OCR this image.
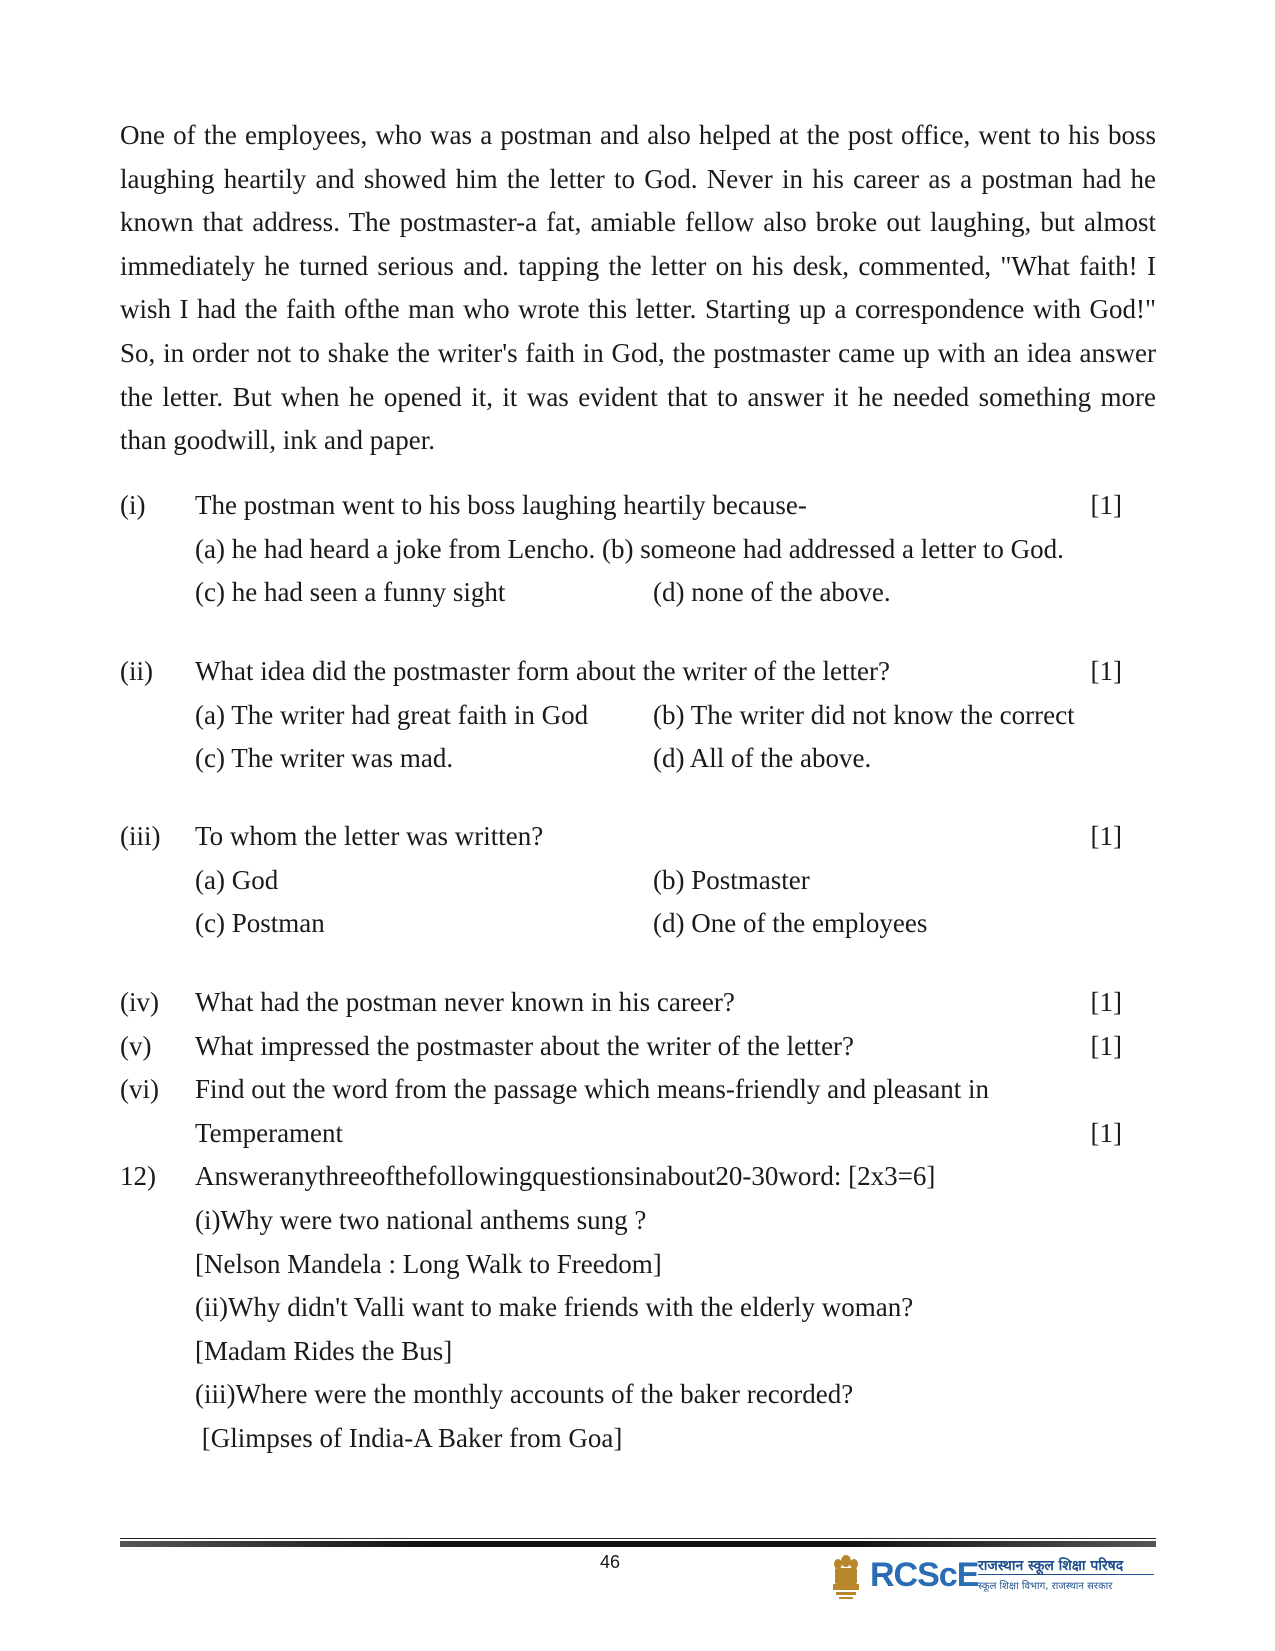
One of the employees, who was a postman and also helped at the post office, went to his boss laughing heartily and showed him the letter to God. Never in his career as a postman had he known that address. The postmaster-a fat, amiable fellow also broke out laughing, but almost immediately he turned serious and. tapping the letter on his desk, commented, "What faith! I wish I had the faith ofthe man who wrote this letter. Starting up a correspondence with God!" So, in order not to shake the writer's faith in God, the postmaster came up with an idea answer the letter. But when he opened it, it was evident that to answer it he needed something more than goodwill, ink and paper.

(i) The postman went to his boss laughing heartily because-	[1]
(a) he had heard a joke from Lencho. (b) someone had addressed a letter to God.
(c) he had seen a funny sight	(d) none of the above.
(ii) What idea did the postmaster form about the writer of the letter?	[1]
(a) The writer had great faith in God (b) The writer did not know the correct
(c) The writer was mad.	(d) All of the above.
(iii) To whom the letter was written?	[1]
(a) God	(b) Postmaster
(c) Postman	(d) One of the employees
(iv) What had the postman never known in his career?	[1]
(v) What impressed the postmaster about the writer of the letter?	[1]
(vi) Find out the word from the passage which means-friendly and pleasant in
Temperament	[1]
12) Answeranythreeofthefollowingquestionsinabout20-30word: [2x3=6]
(i)Why were two national anthems sung ?
[Nelson Mandela : Long Walk to Freedom]
(ii)Why didn't Valli want to make friends with the elderly woman?
[Madam Rides the Bus]
(iii)Where were the monthly accounts of the baker recorded?
[Glimpses of India-A Baker from Goa]
46	RCScE राजस्थान स्कूल शिक्षा परिषद
स्कूल शिक्षा विभाग, राजस्थान सरकार
